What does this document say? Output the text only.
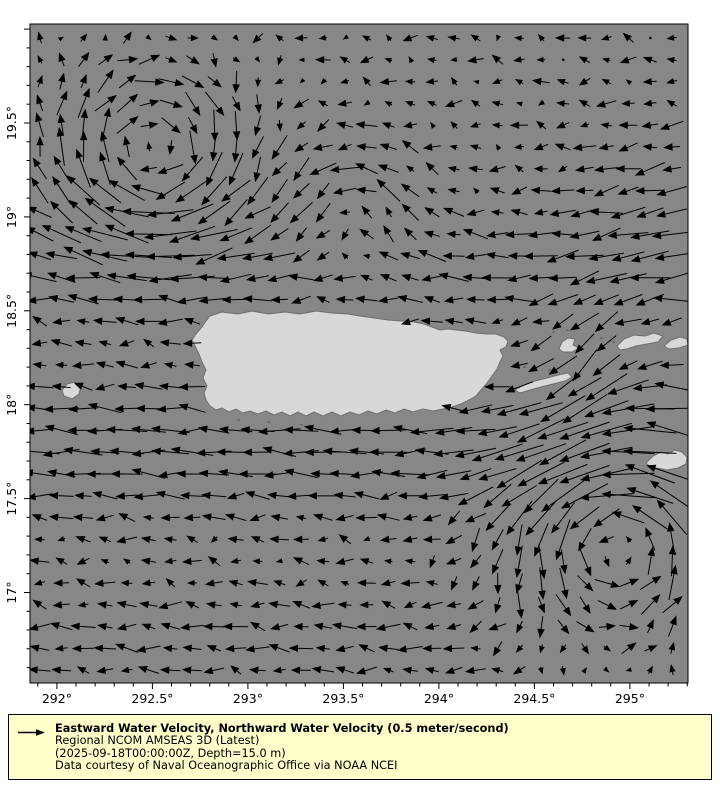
292°	292.5°	293°	293.5°	294°	294.5°	295°
19.5°
19°
18.5°
18°
17.5°
17°
Eastward Water Velocity, Northward Water Velocity (0.5 meter/second)
Regional NCOM AMSEAS 3D (Latest)
(2025-09-18T00:00:00Z, Depth=15.0 m)
Data courtesy of Naval Oceanographic Office via NOAA NCEI
